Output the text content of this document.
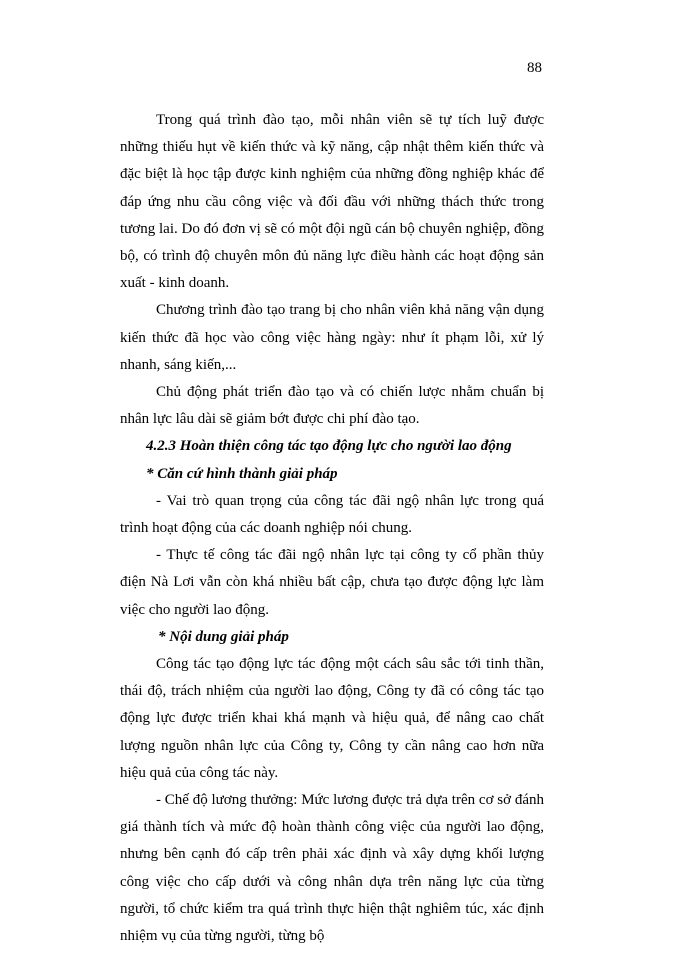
88

Trong quá trình đào tạo, mỗi nhân viên sẽ tự tích luỹ được những thiếu hụt về kiến thức và kỹ năng, cập nhật thêm kiến thức và đặc biệt là học tập được kinh nghiệm của những đồng nghiệp khác để đáp ứng nhu cầu công việc và đối đầu với những thách thức trong tương lai. Do đó đơn vị sẽ có một đội ngũ cán bộ chuyên nghiệp, đồng bộ, có trình độ chuyên môn đủ năng lực điều hành các hoạt động sản xuất - kinh doanh.

Chương trình đào tạo trang bị cho nhân viên khả năng vận dụng kiến thức đã học vào công việc hàng ngày: như ít phạm lỗi, xử lý nhanh, sáng kiến,...

Chủ động phát triển đào tạo và có chiến lược nhằm chuẩn bị nhân lực lâu dài sẽ giảm bớt được chi phí đào tạo.

4.2.3 Hoàn thiện công tác tạo động lực cho người lao động

* Căn cứ hình thành giải pháp

- Vai trò quan trọng của công tác đãi ngộ nhân lực trong quá trình hoạt động của các doanh nghiệp nói chung.

- Thực tế công tác đãi ngộ nhân lực tại công ty cổ phần thủy điện Nà Lơi vẫn còn khá nhiều bất cập, chưa tạo được động lực làm việc cho người lao động.

* Nội dung giải pháp

Công tác tạo động lực tác động một cách sâu sắc tới tinh thần, thái độ, trách nhiệm của người lao động, Công ty đã có công tác tạo động lực được triển khai khá mạnh và hiệu quả, để nâng cao chất lượng nguồn nhân lực của Công ty, Công ty cần nâng cao hơn nữa hiệu quả của công tác này.

- Chế độ lương thưởng: Mức lương được trả dựa trên cơ sở đánh giá thành tích và mức độ hoàn thành công việc của người lao động, nhưng bên cạnh đó cấp trên phải xác định và xây dựng khối lượng công việc cho cấp dưới và công nhân dựa trên năng lực của từng người, tổ chức kiểm tra quá trình thực hiện thật nghiêm túc, xác định nhiệm vụ của từng người, từng bộ
